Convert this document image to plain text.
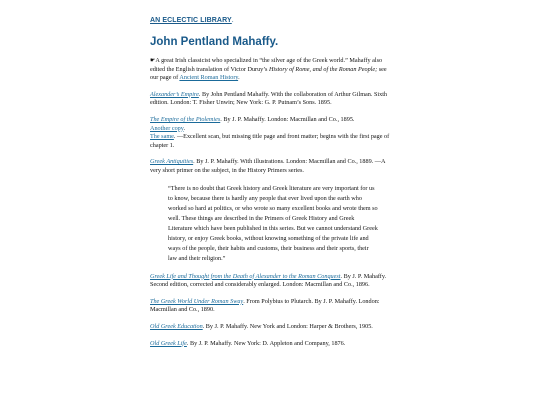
AN ECLECTIC LIBRARY.
John Pentland Mahaffy.

☛A great Irish classicist who specialized in “the silver age of the Greek world.” Mahaffy also edited the English translation of Victor Duruy’s History of Rome, and of the Roman People; see our page of Ancient Roman History.

Alexander’s Empire. By John Pentland Mahaffy. With the collaboration of Arthur Gilman. Sixth edition. London: T. Fisher Unwin; New York: G. P. Putnam’s Sons. 1895.

The Empire of the Ptolemies. By J. P. Mahaffy. London: Macmillan and Co., 1895.
Another copy.
The same. —Excellent scan, but missing title page and front matter; begins with the first page of chapter 1.

Greek Antiquities. By J. P. Mahaffy. With illustrations. London: Macmillan and Co., 1889. —A very short primer on the subject, in the History Primers series.

“There is no doubt that Greek history and Greek literature are very important for us to know, because there is hardly any people that ever lived upon the earth who worked so hard at politics, or who wrote so many excellent books and wrote them so well. These things are described in the Primers of Greek History and Greek Literature which have been published in this series. But we cannot understand Greek history, or enjoy Greek books, without knowing something of the private life and ways of the people, their habits and customs, their business and their sports, their law and their religion.”

Greek Life and Thought from the Death of Alexander to the Roman Conquest. By J. P. Mahaffy. Second edition, corrected and considerably enlarged. London: Macmillan and Co., 1896.

The Greek World Under Roman Sway. From Polybius to Plutarch. By J. P. Mahaffy. London: Macmillan and Co., 1890.

Old Greek Education. By J. P. Mahaffy. New York and London: Harper & Brothers, 1905.

Old Greek Life. By J. P. Mahaffy. New York: D. Appleton and Company, 1876.
